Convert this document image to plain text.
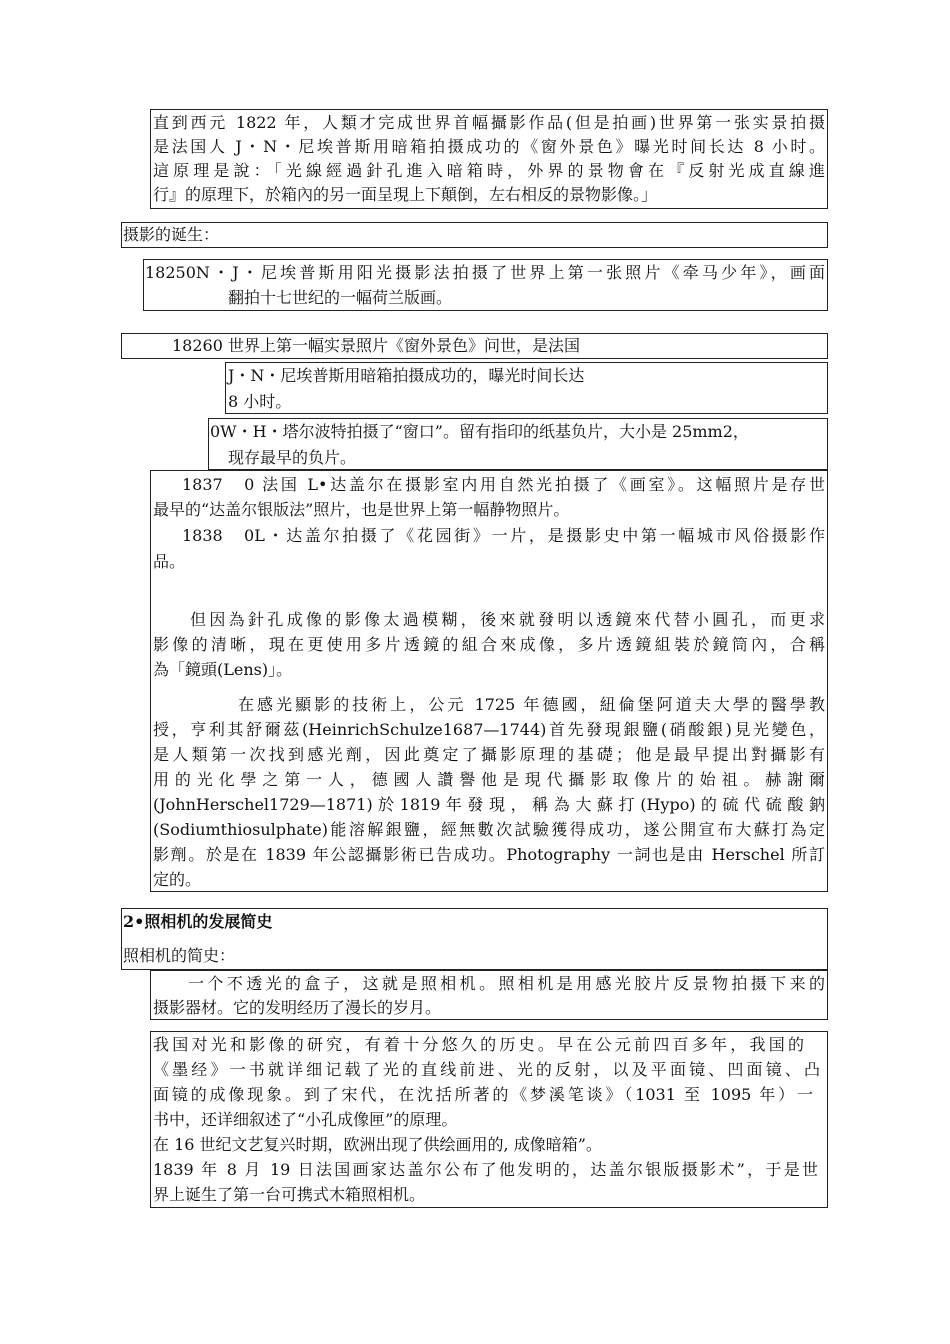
直到西元 1822 年，人類才完成世界首幅攝影作品(但是拍画)世界第一张实景拍摄
是法国人 J・N・尼埃普斯用暗箱拍摄成功的《窗外景色》曝光时间长达 8 小时。
這原理是說：「光線經過針孔進入暗箱時，外界的景物會在『反射光成直線進
行』的原理下，於箱內的另一面呈現上下顛倒，左右相反的景物影像。」
摄影的诞生：
18250N・J・尼埃普斯用阳光摄影法拍摄了世界上第一张照片《牵马少年》，画面
翻拍十七世纪的一幅荷兰版画。
18260 世界上第一幅实景照片《窗外景色》问世，是法国
J・N・尼埃普斯用暗箱拍摄成功的，曝光时间长达
8 小时。
0W・H・塔尔波特拍摄了“窗口”。留有指印的纸基负片，大小是 25mm2，
现存最早的负片。
1837　0 法国 L•达盖尔在摄影室内用自然光拍摄了《画室》。这幅照片是存世
最早的“达盖尔银版法”照片，也是世界上第一幅静物照片。
1838　0L・达盖尔拍摄了《花园街》一片，是摄影史中第一幅城市风俗摄影作
品。
但因為針孔成像的影像太過模糊，後來就發明以透鏡來代替小圓孔，而更求
影像的清晰，現在更使用多片透鏡的組合來成像，多片透鏡組裝於鏡筒內，合稱
為「鏡頭(Lens)」。
在感光顯影的技術上，公元 1725 年德國，紐倫堡阿道夫大學的醫學教
授，亨利其舒爾茲(HeinrichSchulze1687—1744)首先發現銀鹽(硝酸銀)見光變色，
是人類第一次找到感光劑，因此奠定了攝影原理的基礎；他是最早提出對攝影有
用 的 光 化 學 之 第 一 人 ， 德 國 人 讚 譽 他 是 現 代 攝 影 取 像 片 的 始 祖 。 赫 謝 爾
(JohnHerschel1729—1871) 於 1819 年 發 現 ， 稱 為 大 蘇 打 (Hypo) 的 硫 代 硫 酸 鈉
(Sodiumthiosulphate)能溶解銀鹽，經無數次試驗獲得成功，遂公開宣布大蘇打為定
影劑。於是在 1839 年公認攝影術已告成功。Photography 一詞也是由 Herschel 所訂
定的。
2•照相机的发展简史
照相机的简史：
一个不透光的盒子，这就是照相机。照相机是用感光胶片反景物拍摄下来的
摄影器材。它的发明经历了漫长的岁月。
我国对光和影像的研究，有着十分悠久的历史。早在公元前四百多年，我国的
《墨经》一书就详细记载了光的直线前进、光的反射，以及平面镜、凹面镜、凸
面镜的成像现象。到了宋代，在沈括所著的《梦溪笔谈》（1031 至 1095 年）一
书中，还详细叙述了“小孔成像匣”的原理。
在 16 世纪文艺复兴时期，欧洲出现了供绘画用的, 成像暗箱”。
1839 年 8 月 19 日法国画家达盖尔公布了他发明的，达盖尔银版摄影术”，于是世
界上诞生了第一台可携式木箱照相机。
